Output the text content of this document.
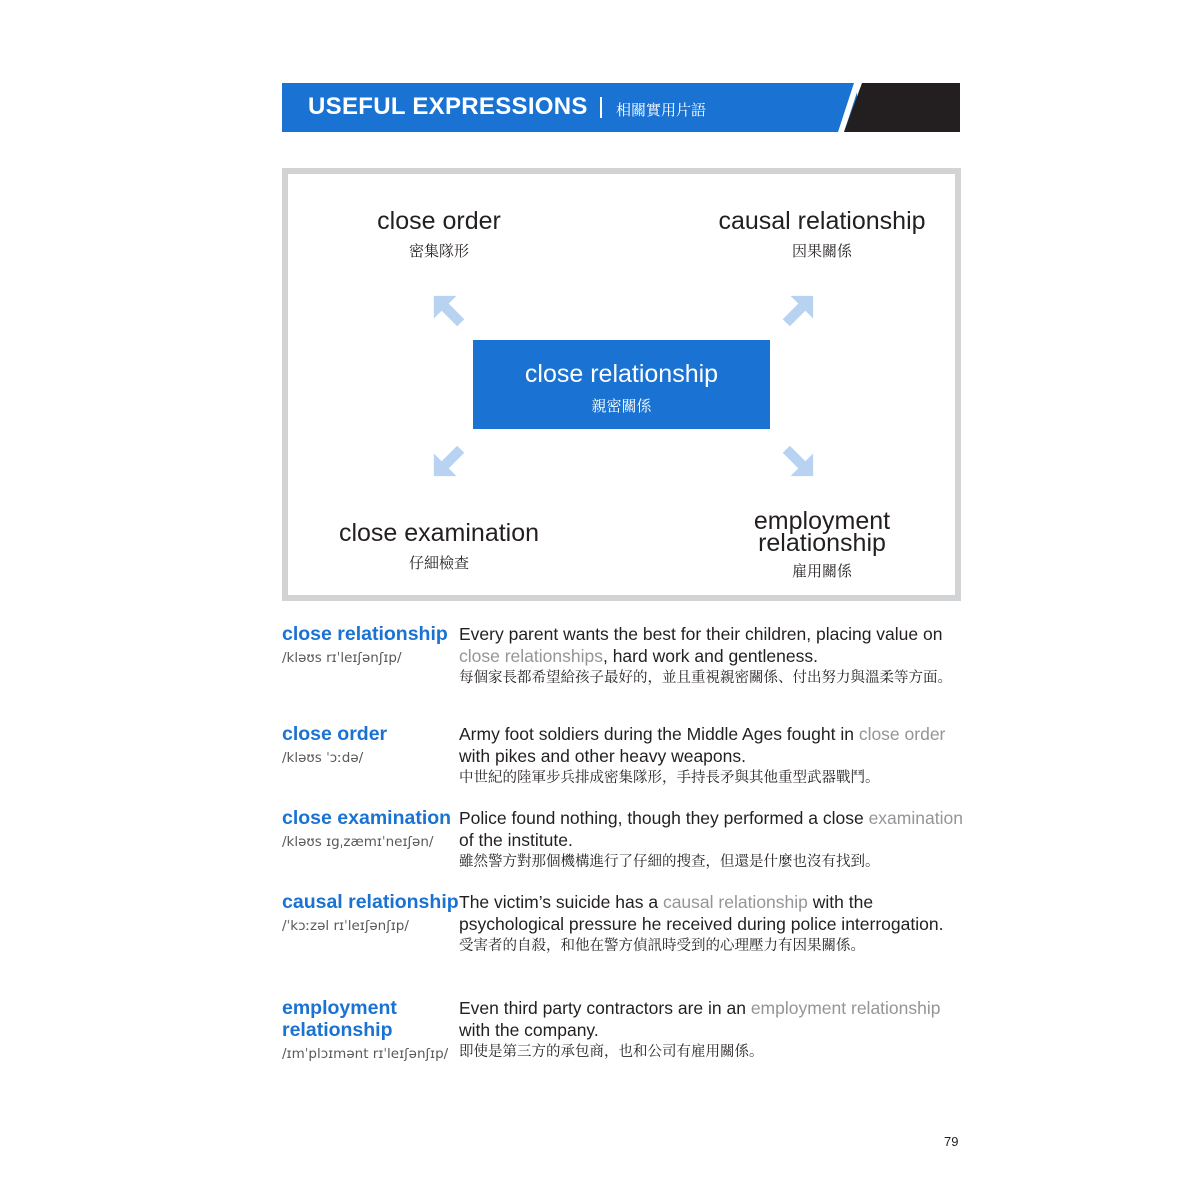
USEFUL EXPRESSIONS 相關實用片語
close order
密集隊形
causal relationship
因果關係
close examination
仔細檢查
employment
relationship
雇用關係
close relationship
親密關係
close relationship
/kləʊs rɪˈleɪʃənʃɪp/
Every parent wants the best for their children, placing value on close relationships, hard work and gentleness.
每個家長都希望給孩子最好的，並且重視親密關係、付出努力與溫柔等方面。
close order
/kləʊs ˈɔːdə/
Army foot soldiers during the Middle Ages fought in close order with pikes and other heavy weapons.
中世紀的陸軍步兵排成密集隊形，手持長矛與其他重型武器戰鬥。
close examination
/kləʊs ɪgˌzæmɪˈneɪʃən/
Police found nothing, though they performed a close examination of the institute.
雖然警方對那個機構進行了仔細的搜查，但還是什麼也沒有找到。
causal relationship
/ˈkɔːzəl rɪˈleɪʃənʃɪp/
The victim’s suicide has a causal relationship with the psychological pressure he received during police interrogation.
受害者的自殺，和他在警方偵訊時受到的心理壓力有因果關係。
employment relationship
/ɪmˈplɔɪmənt rɪˈleɪʃənʃɪp/
Even third party contractors are in an employment relationship with the company.
即使是第三方的承包商，也和公司有雇用關係。
79
